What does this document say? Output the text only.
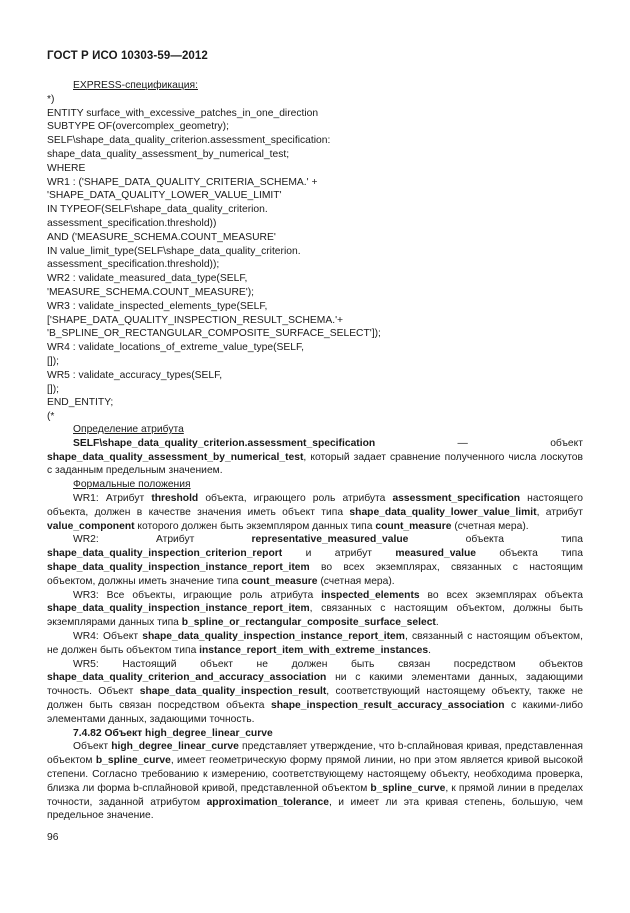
ГОСТ Р ИСО 10303-59—2012
EXPRESS-спецификация:
*)
ENTITY surface_with_excessive_patches_in_one_direction
SUBTYPE OF(overcomplex_geometry);
SELF\shape_data_quality_criterion.assessment_specification:
shape_data_quality_assessment_by_numerical_test;
WHERE
WR1 : ('SHAPE_DATA_QUALITY_CRITERIA_SCHEMA.' +
'SHAPE_DATA_QUALITY_LOWER_VALUE_LIMIT'
IN TYPEOF(SELF\shape_data_quality_criterion.
assessment_specification.threshold))
AND ('MEASURE_SCHEMA.COUNT_MEASURE'
IN value_limit_type(SELF\shape_data_quality_criterion.
assessment_specification.threshold));
WR2 : validate_measured_data_type(SELF,
'MEASURE_SCHEMA.COUNT_MEASURE');
WR3 : validate_inspected_elements_type(SELF,
['SHAPE_DATA_QUALITY_INSPECTION_RESULT_SCHEMA.'+
'B_SPLINE_OR_RECTANGULAR_COMPOSITE_SURFACE_SELECT']);
WR4 : validate_locations_of_extreme_value_type(SELF,
[]);
WR5 : validate_accuracy_types(SELF,
[]);
END_ENTITY;
(*
Определение атрибута

SELF\shape_data_quality_criterion.assessment_specification — объект shape_data_quality_assessment_by_numerical_test, который задает сравнение полученного числа лоскутов с заданным предельным значением.

Формальные положения

WR1: Атрибут threshold объекта, играющего роль атрибута assessment_specification настоящего объекта, должен в качестве значения иметь объект типа shape_data_quality_lower_value_limit, атрибут value_component которого должен быть экземпляром данных типа count_measure (счетная мера).

WR2: Атрибут representative_measured_value объекта типа shape_data_quality_inspection_criterion_report и атрибут measured_value объекта типа shape_data_quality_inspection_instance_report_item во всех экземплярах, связанных с настоящим объектом, должны иметь значение типа count_measure (счетная мера).

WR3: Все объекты, играющие роль атрибута inspected_elements во всех экземплярах объекта shape_data_quality_inspection_instance_report_item, связанных с настоящим объектом, должны быть экземплярами данных типа b_spline_or_rectangular_composite_surface_select.

WR4: Объект shape_data_quality_inspection_instance_report_item, связанный с настоящим объектом, не должен быть объектом типа instance_report_item_with_extreme_instances.

WR5: Настоящий объект не должен быть связан посредством объектов shape_data_quality_criterion_and_accuracy_association ни с какими элементами данных, задающими точность. Объект shape_data_quality_inspection_result, соответствующий настоящему объекту, также не должен быть связан посредством объекта shape_inspection_result_accuracy_association с какими-либо элементами данных, задающими точность.

7.4.82 Объект high_degree_linear_curve

Объект high_degree_linear_curve представляет утверждение, что b-сплайновая кривая, представленная объектом b_spline_curve, имеет геометрическую форму прямой линии, но при этом является кривой высокой степени. Согласно требованию к измерению, соответствующему настоящему объекту, необходима проверка, близка ли форма b-сплайновой кривой, представленной объектом b_spline_curve, к прямой линии в пределах точности, заданной атрибутом approximation_tolerance, и имеет ли эта кривая степень, большую, чем предельное значение.

96
